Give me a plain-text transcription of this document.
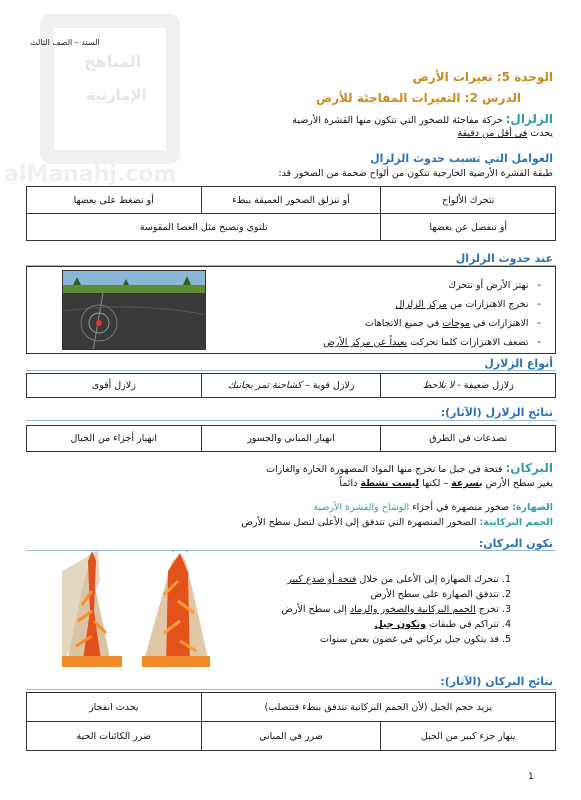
المناهج
الإمارتية
alManahj.com
السند – الصف الثالث
الوحدة 5: تغيرات الأرض
الدرس 2: التغيرات المفاجئة للأرض
الزلزال: حركة مفاجئة للصخور التي تتكون منها القشرة الأرضية
يحدث في أقل من دقيقة
العوامل التي تسبب حدوث الزلزال
طبقة القشرة الأرضية الخارجية تتكون من ألواح ضخمة من الصخور قد:
تتحرك الألواح	أو تنزلق الصخور العميقة ببطء	أو تضغط على بعضها
أو تنفصل عن بعضها	تلتوي وتصبح مثل العصا المقوسة	
عند حدوث الزلزال
-   تهتز الأرض أو تتحرك
-   تخرج الاهتزازات من مركز الزلزال
-   الاهتزازات في موجات في جميع الاتجاهات
-   تضعف الاهتزازات كلما تحركت بعيداً عن مركز الأرض
أنواع الزلازل
زلازل ضعيفة - لا تلاحظ	زلازل قوية – كشاحنة تمر بجانبك	زلازل أقوى
نتائج الزلازل (الآثار):
تصدعات في الطرق	انهيار المباني والجسور	انهيار أجزاء من الجبال
البركان: فتحة في جبل ما تخرج منها المواد المصهورة الحارة والغازات
يغير سطح الأرض بسرعة – لكنها ليست نشطة دائماً
الصهارة: صخور منصهرة في أجزاء الوشاح والقشرة الأرضية
الحمم البركانية: الصخور المنصهرة التي تتدفق إلى الأعلى لتصل سطح الأرض
تكون البركان:
1. تتحرك الصهارة إلى الأعلى من خلال فتحة أو صدع كبير
2. تتدفق الصهارة على سطح الأرض
3. تخرج الحمم البركانية والصخور والرماد إلى سطح الأرض
4. تتراكم في طبقات وتكون جبل
5. قد يتكون جبل بركاني في غضون بعض سنوات
نتائج البركان (الآثار):
يزيد حجم الجبل (لأن الحمم البركانية تتدفق ببطء فتتصلب)		يحدث انفجار
ينهار جزء كبير من الجبل	ضرر في المباني	ضرر الكائنات الحية
1
